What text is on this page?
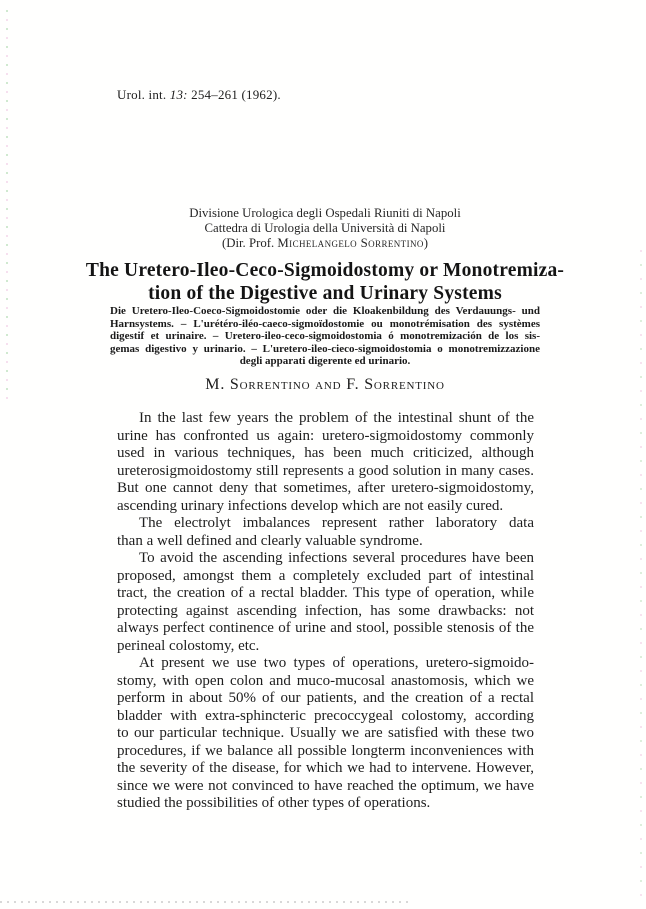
Urol. int. 13: 254–261 (1962).
Divisione Urologica degli Ospedali Riuniti di Napoli
Cattedra di Urologia della Università di Napoli
(Dir. Prof. Michelangelo Sorrentino)
The Uretero-Ileo-Ceco-Sigmoidostomy or Monotremiza-
tion of the Digestive and Urinary Systems
Die Uretero-Ileo-Coeco-Sigmoidostomie oder die Kloakenbildung des Verdauungs- und
Harnsystems. – L'urétéro-iléo-caeco-sigmoïdostomie ou monotrémisation des systèmes
digestif et urinaire. – Uretero-ileo-ceco-sigmoidostomia ó monotremización de los sis-
gemas digestivo y urinario. – L'uretero-ileo-cieco-sigmoidostomia o monotremizzazione
degli apparati digerente ed urinario.
M. Sorrentino and F. Sorrentino
In the last few years the problem of the intestinal shunt of the
urine has confronted us again: uretero-sigmoidostomy commonly
used in various techniques, has been much criticized, although
ureterosigmoidostomy still represents a good solution in many cases.
But one cannot deny that sometimes, after uretero-sigmoidostomy,
ascending urinary infections develop which are not easily cured.
The electrolyt imbalances represent rather laboratory data
than a well defined and clearly valuable syndrome.
To avoid the ascending infections several procedures have been
proposed, amongst them a completely excluded part of intestinal
tract, the creation of a rectal bladder. This type of operation, while
protecting against ascending infection, has some drawbacks: not
always perfect continence of urine and stool, possible stenosis of the
perineal colostomy, etc.
At present we use two types of operations, uretero-sigmoido-
stomy, with open colon and muco-mucosal anastomosis, which we
perform in about 50% of our patients, and the creation of a rectal
bladder with extra-sphincteric precoccygeal colostomy, according
to our particular technique. Usually we are satisfied with these two
procedures, if we balance all possible longterm inconveniences with
the severity of the disease, for which we had to intervene. However,
since we were not convinced to have reached the optimum, we have
studied the possibilities of other types of operations.
